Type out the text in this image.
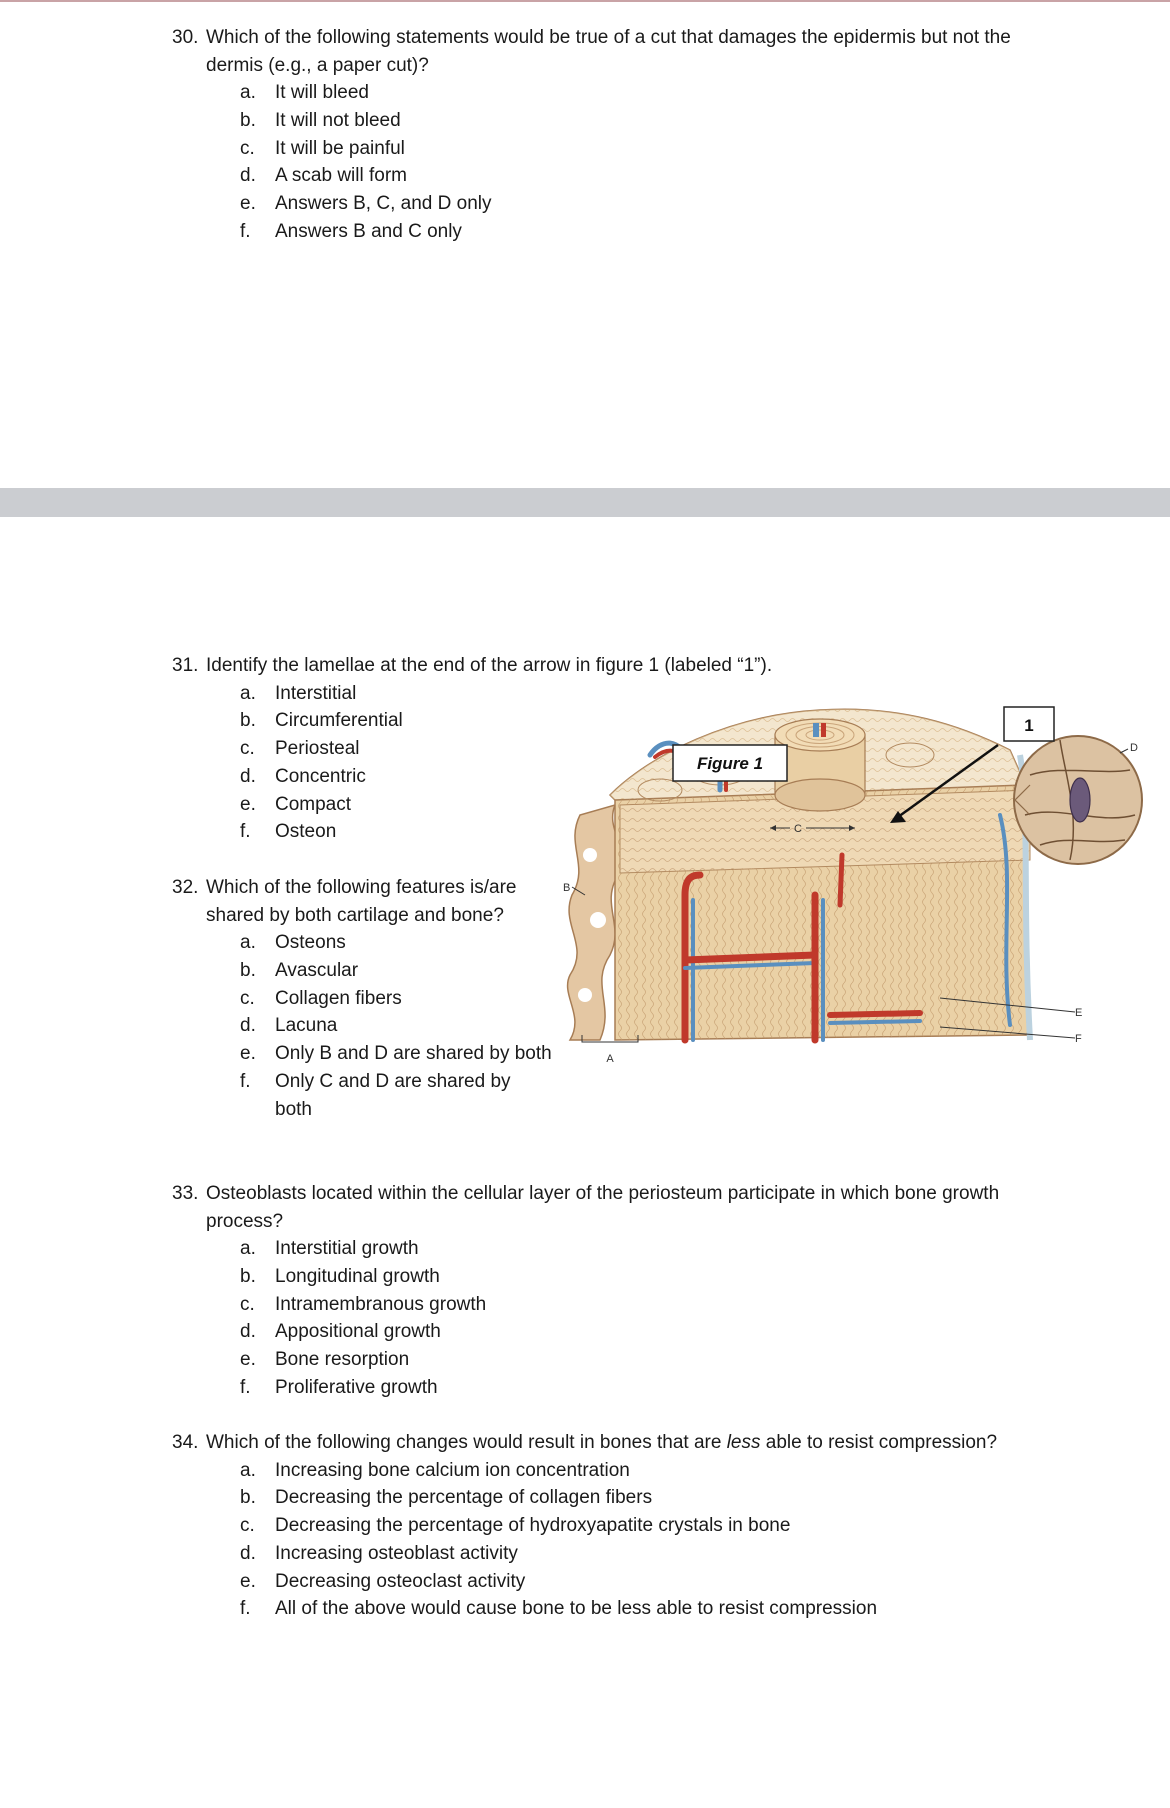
30. Which of the following statements would be true of a cut that damages the epidermis but not the dermis (e.g., a paper cut)?
a.	It will bleed
b.	It will not bleed
c.	It will be painful
d.	A scab will form
e.	Answers B, C, and D only
f.	Answers B and C only
31. Identify the lamellae at the end of the arrow in figure 1 (labeled “1”).
a.	Interstitial
b.	Circumferential
c.	Periosteal
d.	Concentric
e.	Compact
f.	Osteon
32. Which of the following features is/are shared by both cartilage and bone?
a.	Osteons
b.	Avascular
c.	Collagen fibers
d.	Lacuna
e.	Only B and D are shared by both
f.	Only C and D are shared by both
C
A
B
D
E
F
Figure 1
1
33. Osteoblasts located within the cellular layer of the periosteum participate in which bone growth process?
a.	Interstitial growth
b.	Longitudinal growth
c.	Intramembranous growth
d.	Appositional growth
e.	Bone resorption
f.	Proliferative growth
34. Which of the following changes would result in bones that are less able to resist compression?
a.	Increasing bone calcium ion concentration
b.	Decreasing the percentage of collagen fibers
c.	Decreasing the percentage of hydroxyapatite crystals in bone
d.	Increasing osteoblast activity
e.	Decreasing osteoclast activity
f.	All of the above would cause bone to be less able to resist compression
